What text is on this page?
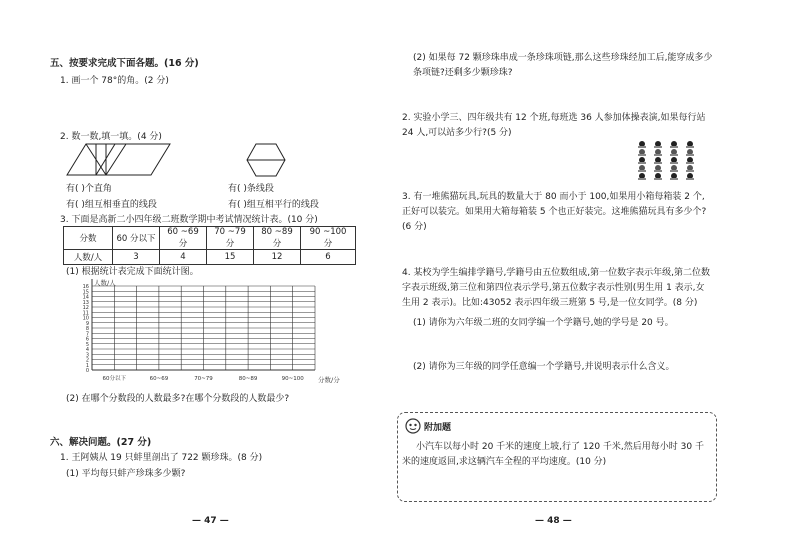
五、按要求完成下面各题。(16 分)
1. 画一个 78°的角。(2 分)
2. 数一数,填一填。(4 分)
有( )个直角	有( )条线段
有( )组互相垂直的线段	有( )组互相平行的线段
3. 下面是高新二小四年级二班数学期中考试情况统计表。(10 分)
分数	60 分以下	60 ~69 分	70 ~79 分	80 ~89 分	90 ~100 分
人数/人	3	4	15	12	6
(1) 根据统计表完成下面统计图。
人数/人
分数/分
16
15
14
13
12
11
10
9
8
7
6
5
4
3
2
1
0
60分以下	60~69	70~79	80~89	90~100
(2) 在哪个分数段的人数最多?在哪个分数段的人数最少?
六、解决问题。(27 分)
1. 王阿姨从 19 只蚌里剖出了 722 颗珍珠。(8 分)
(1) 平均每只蚌产珍珠多少颗?
— 47 —
(2) 如果每 72 颗珍珠串成一条珍珠项链,那么这些珍珠经加工后,能穿成多少条项链?还剩多少颗珍珠?
2. 实验小学三、四年级共有 12 个班,每班选 36 人参加体操表演,如果每行站 24 人,可以站多少行?(5 分)
3. 有一堆熊猫玩具,玩具的数量大于 80 而小于 100,如果用小箱每箱装 2 个,正好可以装完。如果用大箱每箱装 5 个也正好装完。这堆熊猫玩具有多少个?(6 分)
4. 某校为学生编排学籍号,学籍号由五位数组成,第一位数字表示年级,第二位数字表示班级,第三位和第四位表示学号,第五位数字表示性别(男生用 1 表示,女生用 2 表示)。比如:43052 表示四年级三班第 5 号,是一位女同学。(8 分)
(1) 请你为六年级二班的女同学编一个学籍号,她的学号是 20 号。
(2) 请你为三年级的同学任意编一个学籍号,并说明表示什么含义。
附加题
小汽车以每小时 20 千米的速度上坡,行了 120 千米,然后用每小时 30 千米的速度返回,求这辆汽车全程的平均速度。(10 分)
— 48 —
